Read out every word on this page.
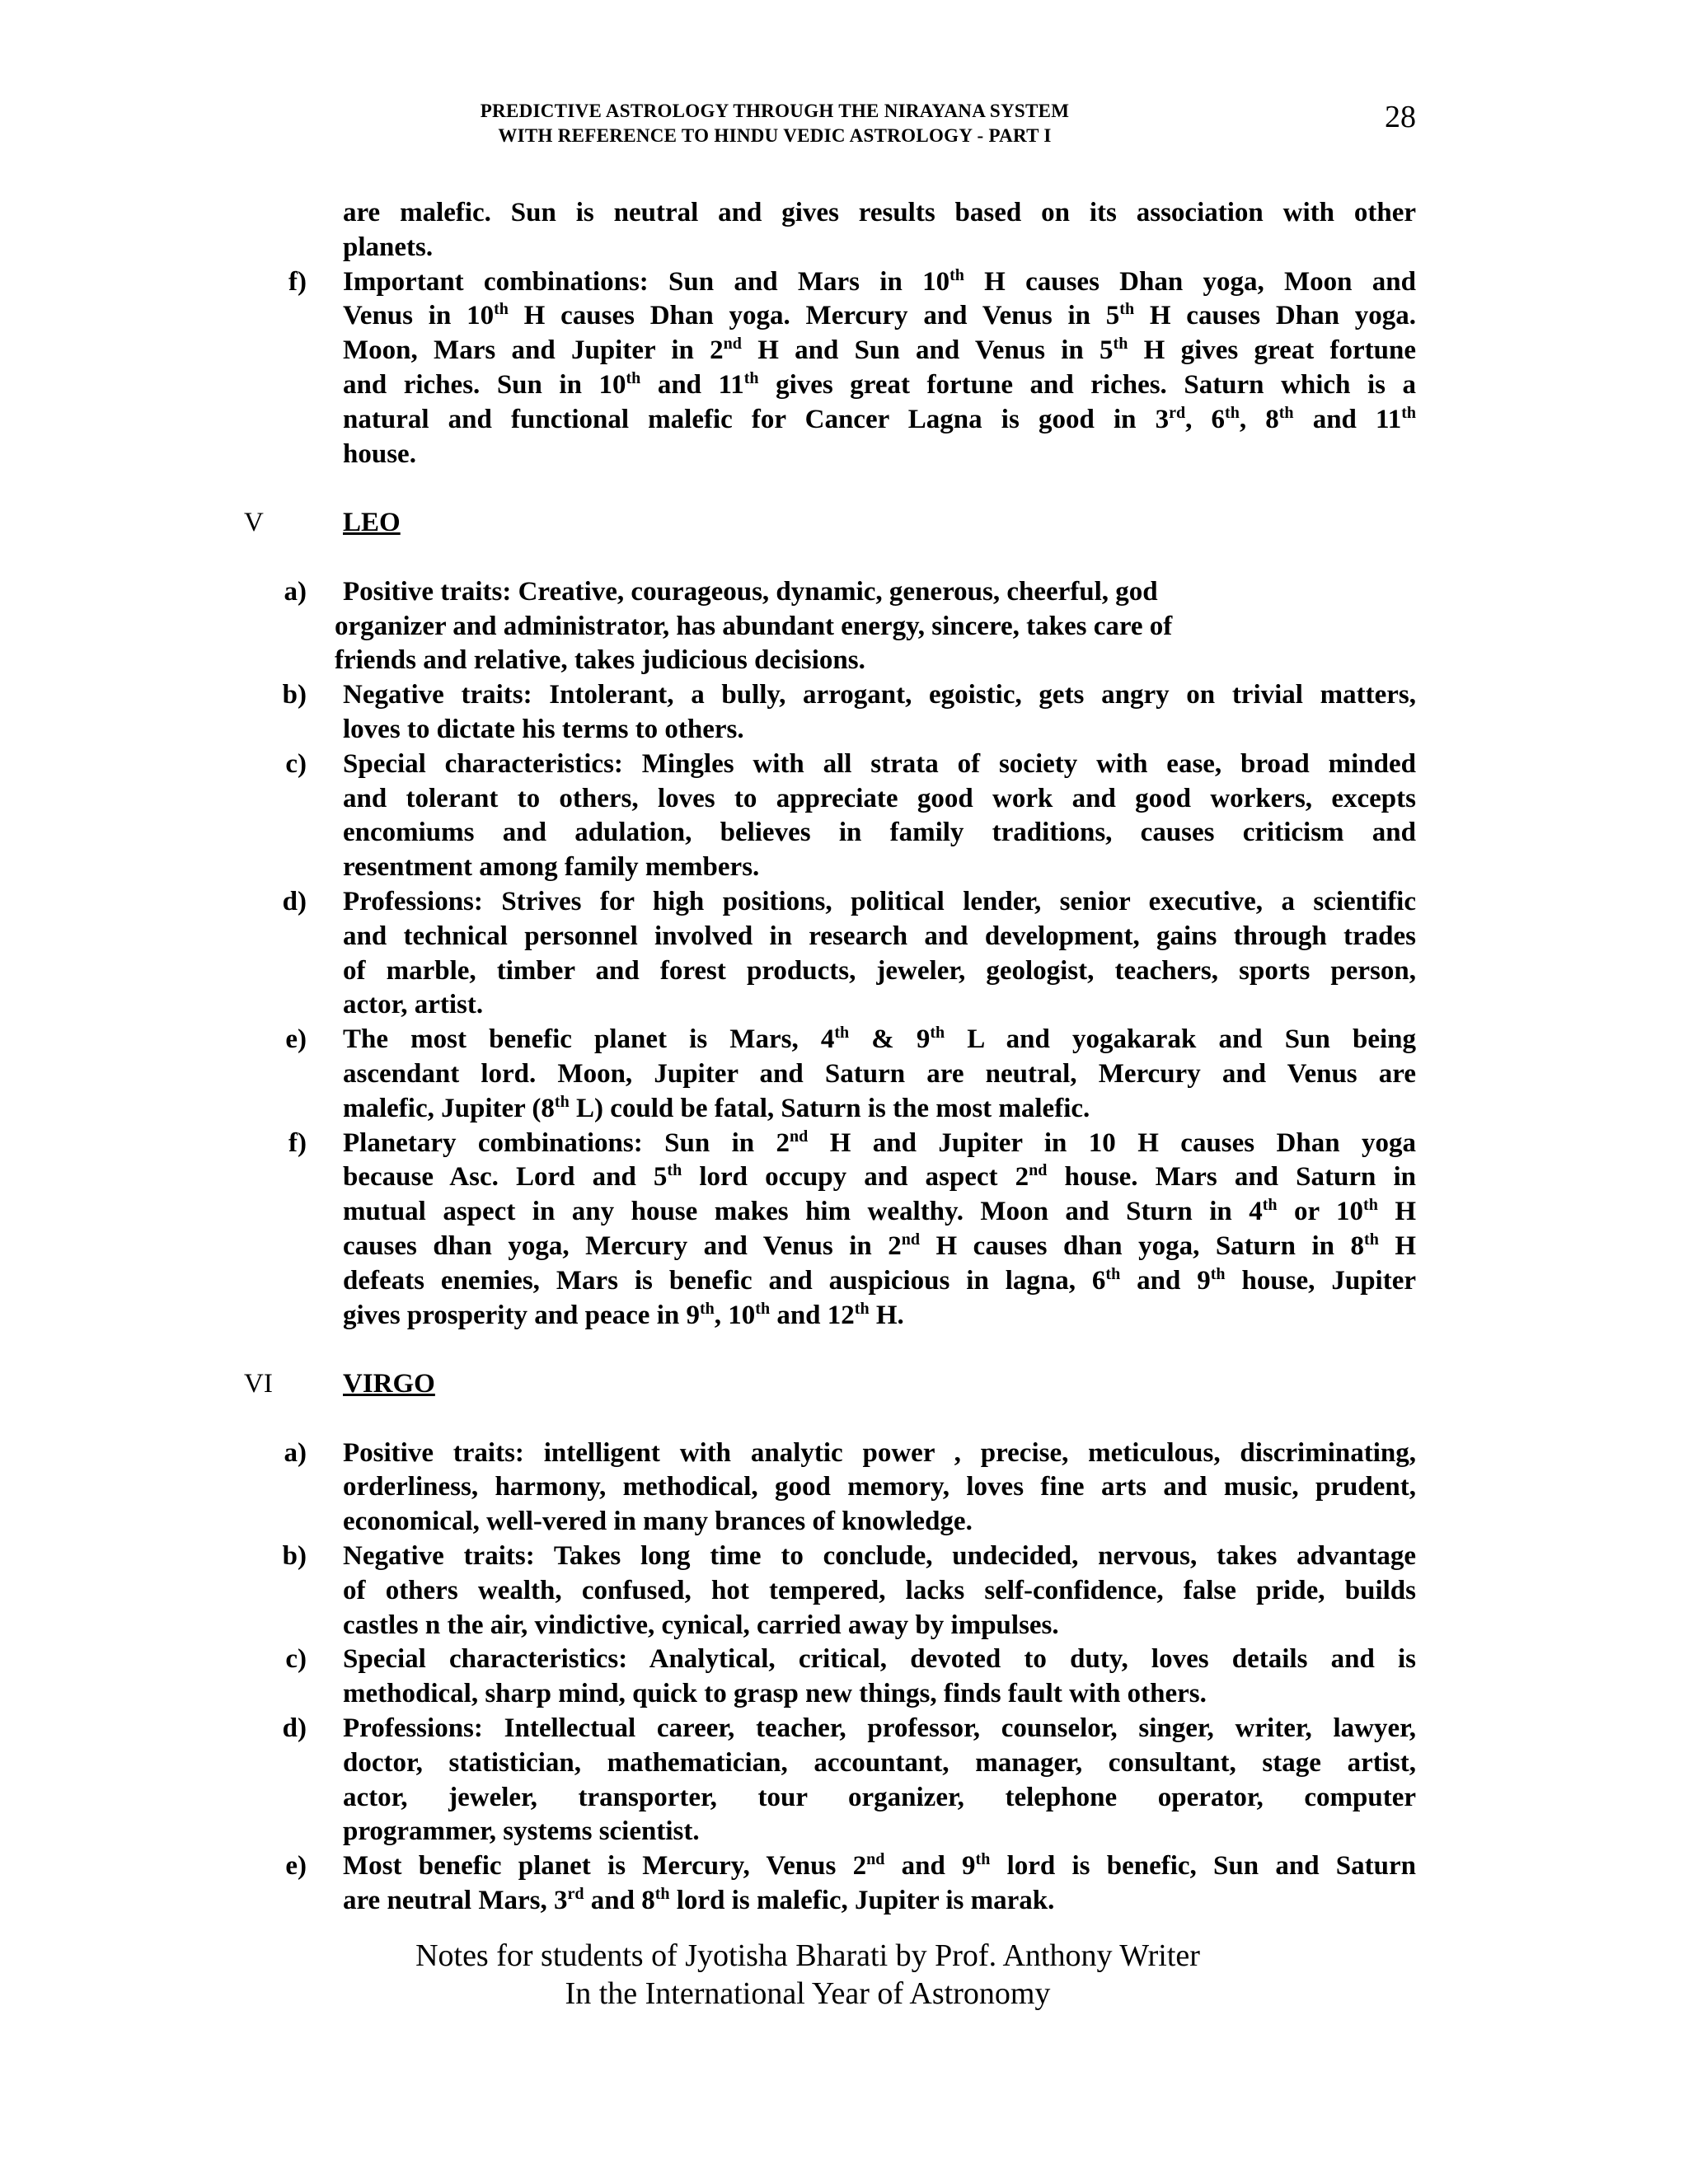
PREDICTIVE ASTROLOGY THROUGH THE NIRAYANA SYSTEM
WITH REFERENCE TO HINDU VEDIC ASTROLOGY - PART I
28
are malefic. Sun is neutral and gives results based on its association with other
planets.
f) Important combinations: Sun and Mars in 10th H causes Dhan yoga, Moon and
Venus in 10th H causes Dhan yoga. Mercury and Venus in 5th H causes Dhan yoga.
Moon, Mars and Jupiter in 2nd H and Sun and Venus in 5th H gives great fortune
and riches. Sun in 10th and 11th gives great fortune and riches. Saturn which is a
natural and functional malefic for Cancer Lagna is good in 3rd, 6th, 8th and 11th
house.
V	LEO
a) Positive traits: Creative, courageous, dynamic, generous, cheerful, god
organizer and administrator, has abundant energy, sincere, takes care of
friends and relative, takes judicious decisions.
b) Negative traits: Intolerant, a bully, arrogant, egoistic, gets angry on trivial matters,
loves to dictate his terms to others.
c) Special characteristics: Mingles with all strata of society with ease, broad minded
and tolerant to others, loves to appreciate good work and good workers, excepts
encomiums and adulation, believes in family traditions, causes criticism and
resentment among family members.
d) Professions: Strives for high positions, political lender, senior executive, a scientific
and technical personnel involved in research and development, gains through trades
of marble, timber and forest products, jeweler, geologist, teachers, sports person,
actor, artist.
e) The most benefic planet is Mars, 4th & 9th L and yogakarak and Sun being
ascendant lord. Moon, Jupiter and Saturn are neutral, Mercury and Venus are
malefic, Jupiter (8th L) could be fatal, Saturn is the most malefic.
f) Planetary combinations: Sun in 2nd H and Jupiter in 10 H causes Dhan yoga
because Asc. Lord and 5th lord occupy and aspect 2nd house. Mars and Saturn in
mutual aspect in any house makes him wealthy. Moon and Sturn in 4th or 10th H
causes dhan yoga, Mercury and Venus in 2nd H causes dhan yoga, Saturn in 8th H
defeats enemies, Mars is benefic and auspicious in lagna, 6th and 9th house, Jupiter
gives prosperity and peace in 9th, 10th and 12th H.
VI	VIRGO
a) Positive traits: intelligent with analytic power , precise, meticulous, discriminating,
orderliness, harmony, methodical, good memory, loves fine arts and music, prudent,
economical, well-vered in many brances of knowledge.
b) Negative traits: Takes long time to conclude, undecided, nervous, takes advantage
of others wealth, confused, hot tempered, lacks self-confidence, false pride, builds
castles n the air, vindictive, cynical, carried away by impulses.
c) Special characteristics: Analytical, critical, devoted to duty, loves details and is
methodical, sharp mind, quick to grasp new things, finds fault with others.
d) Professions: Intellectual career, teacher, professor, counselor, singer, writer, lawyer,
doctor, statistician, mathematician, accountant, manager, consultant, stage artist,
actor, jeweler, transporter, tour organizer, telephone operator, computer
programmer, systems scientist.
e) Most benefic planet is Mercury, Venus 2nd and 9th lord is benefic, Sun and Saturn
are neutral Mars, 3rd and 8th lord is malefic, Jupiter is marak.
Notes for students of Jyotisha Bharati by Prof. Anthony Writer
In the International Year of Astronomy
